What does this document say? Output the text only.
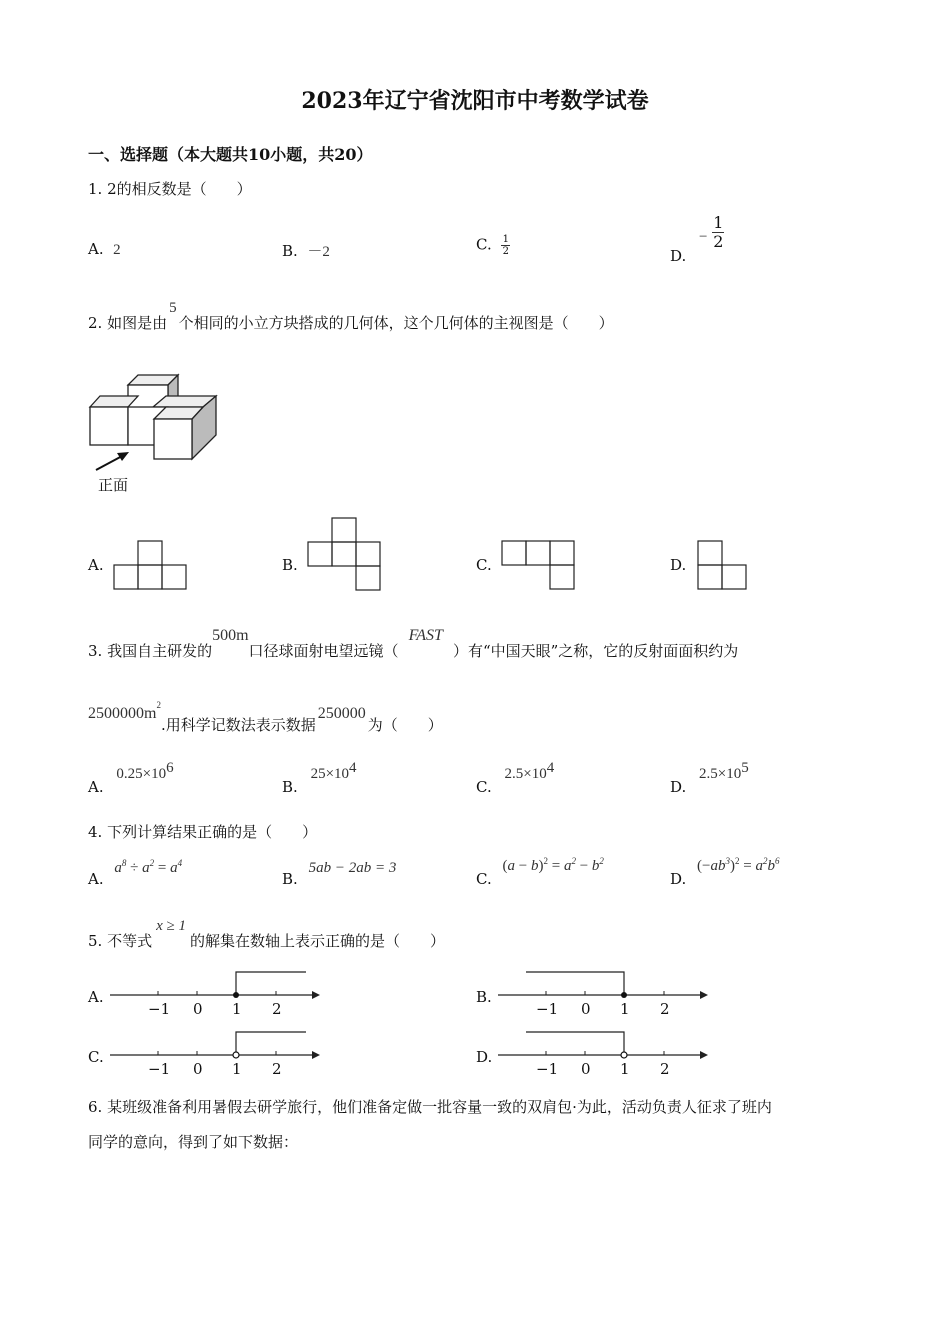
2023年辽宁省沈阳市中考数学试卷
一、选择题（本大题共10小题，共20）
1. 2的相反数是（　　）
A. 2	B. －2	C. $\frac{1}{2}$	D. − $\frac{1}{2}$
2. 如图是由5个相同的小立方块搭成的几何体，这个几何体的主视图是（　　）
正面
A.	B.	C.	D.
3. 我国自主研发的500m口径球面射电望远镜（FAST）有“中国天眼”之称，它的反射面面积约为
$2500000m^2$.用科学记数法表示数据250000为（　　）
A. $0.25\times 10^6$
B. $25\times 10^4$
C. $2.5\times 10^4$
D. $2.5\times 10^5$
4. 下列计算结果正确的是（　　）
A. $a^8 \div a^2 = a^4$
B. 5ab − 2ab = 3
C. $(a - b)^2 = a^2 - b^2$
D. $(-ab^3)^2 = a^2b^6$
5. 不等式x ≥ 1的解集在数轴上表示正确的是（　　）
A.
−1 0 1 2
B.
−1 0 1 2
C.
−1 0 1 2
D.
−1 0 1 2
6. 某班级准备利用暑假去研学旅行，他们准备定做一批容量一致的双肩包·为此，活动负责人征求了班内
同学的意向，得到了如下数据：
